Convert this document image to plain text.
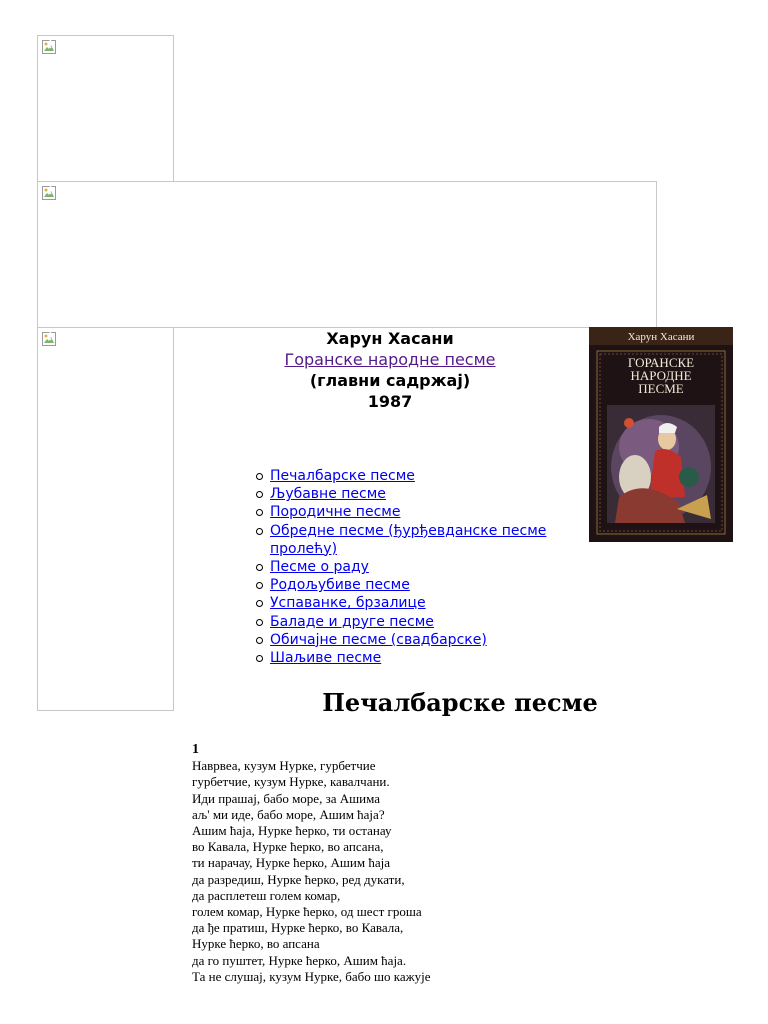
Харун Хасани
Горанске народне песме
(главни садржај)
1987
Харун Хасани
ГОРАНСКЕ
НАРОДНЕ
ПЕСМЕ
Печалбарске песме
Љубавне песме
Породичне песме
Обредне песме (ђурђевданске песме пролећу)
Песме о раду
Родољубиве песме
Успаванке, брзалице
Баладе и друге песме
Обичајне песме (свадбарске)
Шаљиве песме
Печалбарске песме
1
Наврвеа, кузум Нурке, гурбетчие
гурбетчие, кузум Нурке, кавалчани.
Иди прашај, бабо море, за Ашима
аљ' ми иде, бабо море, Ашим ћаја?
Ашим ћаја, Нурке ћерко, ти останау
во Кавала, Нурке ћерко, во апсана,
ти нарачау, Нурке ћерко, Ашим ћаја
да разредиш, Нурке ћерко, ред дукати,
да расплетеш голем комар,
голем комар, Нурке ћерко, од шест гроша
да ђе пратиш, Нурке ћерко, во Кавала,
Нурке ћерко, во апсана
да го пуштет, Нурке ћерко, Ашим ћаја.
Та не слушај, кузум Нурке, бабо шо кажује
